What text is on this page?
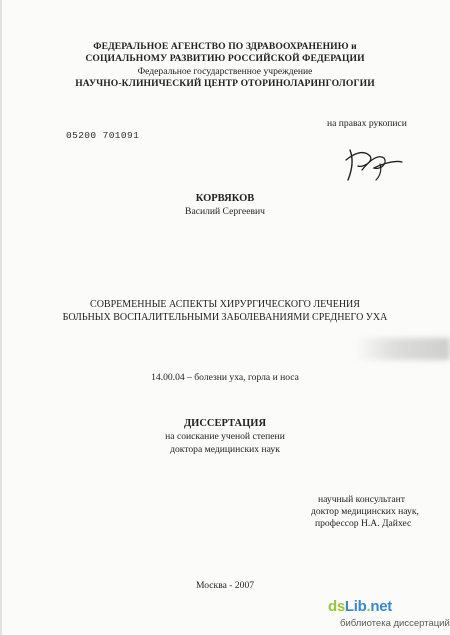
ФЕДЕРАЛЬНОЕ АГЕНСТВО ПО ЗДРАВООХРАНЕНИЮ и
СОЦИАЛЬНОМУ РАЗВИТИЮ РОССИЙСКОЙ ФЕДЕРАЦИИ
Федеральное государственное учреждение
НАУЧНО-КЛИНИЧЕСКИЙ ЦЕНТР ОТОРИНОЛАРИНГОЛОГИИ
05200 701091
на правах рукописи
КОРВЯКОВ
Василий Сергеевич
СОВРЕМЕННЫЕ АСПЕКТЫ ХИРУРГИЧЕСКОГО ЛЕЧЕНИЯ
БОЛЬНЫХ ВОСПАЛИТЕЛЬНЫМИ ЗАБОЛЕВАНИЯМИ СРЕДНЕГО УХА
14.00.04 – болезни уха, горла и носа
ДИССЕРТАЦИЯ
на соискание ученой степени
доктора медицинских наук
научный консультант
доктор медицинских наук,
профессор Н.А. Дайхес
Москва - 2007
dsLib.net
библиотека диссертаций
